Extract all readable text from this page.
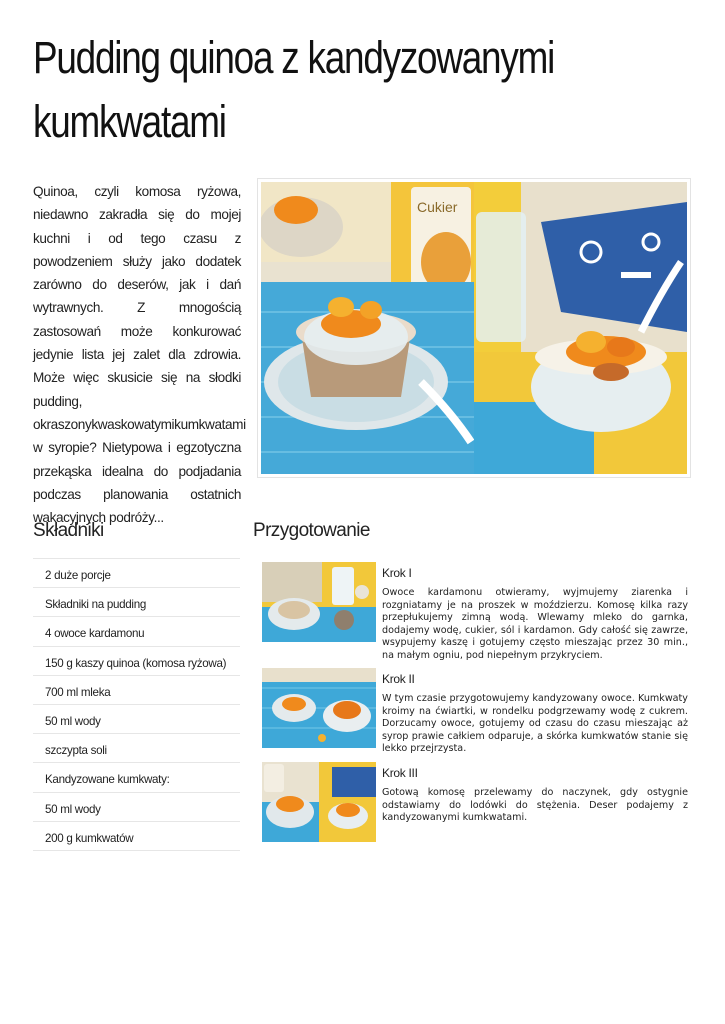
Pudding quinoa z kandyzowanymi
kumkwatami

Quinoa, czyli komosa ryżowa, niedawno zakradła się do mojej kuchni i od tego czasu z powodzeniem służy jako dodatek zarówno do deserów, jak i dań wytrawnych. Z mnogością zastosowań może konkurować jedynie lista jej zalet dla zdrowia. Może więc skusicie się na słodki pudding, okraszonykwaskowatymikumkwatami w syropie? Nietypowa i egzotyczna przekąska idealna do podjadania podczas planowania ostatnich wakacyjnych podróży...

Cukier
Składniki	Przygotowanie
2 duże porcje
Składniki na pudding
4 owoce kardamonu
150 g kaszy quinoa (komosa ryżowa)
700 ml mleka
50 ml wody
szczypta soli
Kandyzowane kumkwaty:
50 ml wody
200 g kumkwatów
Krok I
Owoce kardamonu otwieramy, wyjmujemy ziarenka i rozgniatamy je na proszek w moździerzu. Komosę kilka razy przepłukujemy zimną wodą. Wlewamy mleko do garnka, dodajemy wodę, cukier, sól i kardamon. Gdy całość się zawrze, wsypujemy kaszę i gotujemy często mieszając przez 30 min., na małym ogniu, pod niepełnym przykryciem.
Krok II
W tym czasie przygotowujemy kandyzowany owoce. Kumkwaty kroimy na ćwiartki, w rondelku podgrzewamy wodę z cukrem. Dorzucamy owoce, gotujemy od czasu do czasu mieszając aż syrop prawie całkiem odparuje, a skórka kumkwatów stanie się lekko przejrzysta.
Krok III
Gotową komosę przelewamy do naczynek, gdy ostygnie odstawiamy do lodówki do stężenia. Deser podajemy z kandyzowanymi kumkwatami.
